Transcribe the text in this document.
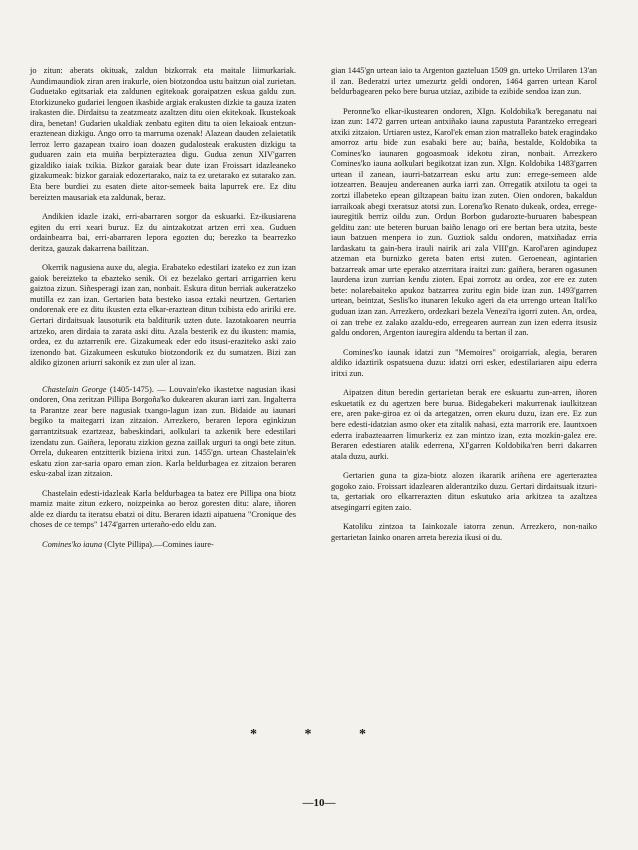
jo zitun: aberats okituak, zaldun bizkorrak eta maitale liimurkariak. Aundimaundiok ziran aren irakurle, oien biotzondoa ustu baitzun oial zurietan. Guduetako egitsariak eta zaldunen egitekoak goraipatzen eskua galdu zun. Etorkizuneko gudariei lengoen ikasbide argiak erakusten dizkie ta gauza izaten irakasten die. Dirdaitsu ta zeatzmeatz azaltzen ditu oien ekitekoak. Ikustekoak dira, benetan! Gudarien ukaldiak zenbatu egiten ditu ta oien lekaioak entzun-eraztenean dizkigu. Ango orro ta marruma ozenak! Alazean dauden zelaietatik lerroz lerro gazapean txairo ioan doazen gudalosteak erakusten dizkigu ta guduaren zain eta muiña berpizteraztea digu. Gudua zenun XIV'garren gizaldiko iaiak txikia. Bizkor garaiak bear dute izan Froissart idazleaneko gizakumeak: bizkor garaiak edozertarako, naiz ta ez uretarako ez sutarako zan. Eta bere burdiei zu esaten diete aitor-semeek baita lapurrek ere. Ez ditu bereizten mausariak eta zaldunak, beraz.

Andikien idazle izaki, erri-abarraren sorgor da eskuarki. Ez-ikusiarena egiten du erri xeari buruz. Ez du aintzakotzat artzen erri xea. Guduen ordainbearra bai, erri-abarraren lepora egozten du; berezko ta bearrezko deritza, gauzak dakarrena bailitzan.

Okerrik nagusiena auxe du, alegia. Erabateko edestilari izateko ez zun izan gaiok bereizteko ta ebazteko senik. Oi ez bezelako gertari arrigarrien keru gaiztoa zizun. Siñesperagi izan zan, nonbait. Eskura ditun berriak aukeratzeko mutilla ez zan izan. Gertarien bata besteko iasoa eztaki neurtzen. Gertarien ondorenak ere ez ditu ikusten ezta elkar-eraztean ditun txibista edo aririki ere. Gertari dirdaitsuak lausoturik eta balditurik uzten dute. Iazotakoaren neurria artzeko, aren dirdaia ta zarata aski ditu. Azala besterik ez du ikusten: mamia, ordea, ez du aztarrenik ere. Gizakumeak eder edo itsusi-eraziteko aski zaio izenondo bat. Gizakumeen eskutuko biotzondorik ez du sumatzen. Bizi zan aldiko gizonen ariurri sakonik ez zun uler al izan.

Chastelain George (1405-1475). — Louvain'eko ikastetxe nagusian ikasi ondoren, Ona zeritzan Pillipa Borgoña'ko dukearen akuran iarri zan. Ingalterra ta Parantze zear bere nagusiak txango-lagun izan zun. Bidaide au iaunari begiko ta maitegarri izan zitzaion. Arrezkero, beraren lepora eginkizun garrantzitsuak ezartzeaz, babeskindari, aolkulari ta azkenik bere edestilari izendatu zun. Gaiñera, leporatu zizkion gezna zaillak urguri ta ongi bete zitun. Orrela, dukearen entzitterik biziena iritxi zun. 1455'gn. urtean Chastelain'ek eskatu zion zar-saria oparo eman zion. Karla beldurbagea ez zitzaion beraren esku-zabal izan zitzaion.

Chastelain edesti-idazleak Karla beldurbagea ta batez ere Pillipa ona biotz mamiz maite zitun ezkero, noizpeinka ao beroz goresten ditu: alare, iñoren alde ez diardu ta iteratsu ebatzi oi ditu. Beraren idazti aipatuena "Cronique des choses de ce temps" 1474'garren urteraño-edo eldu zan.

Comines'ko iauna (Clyte Pillipa).—Comines iaure-

gian 1445'gn urtean iaio ta Argenton gazteluan 1509 gn. urteko Urrilaren 13'an il zan. Bederatzi urtez umezurtz geldi ondoren, 1464 garren urtean Karol beldurbagearen peko bere burua utziaz, azibide ta ezibide sendoa izan zun.

Peronne'ko elkar-ikustearen ondoren, XIgn. Koldobika'k bereganatu nai izan zun: 1472 garren urtean antxiñako iauna zapustuta Parantzeko erregeari atxiki zitzaion. Urtiaren ustez, Karol'ek eman zion matralleko batek eragindako amorroz artu bide zun esabaki bere au; baiña, bestalde, Koldobika ta Comines'ko iaunaren gogoasmoak idekotu ziran, nonbait. Arrezkero Comines'ko iauna aolkulari begikotzat izan zun. XIgn. Koldobika 1483'garren urtean il zanean, iaurri-batzarrean esku artu zun: errege-semeen alde iotzearren. Beaujeu andereanen aurka iarri zan. Orregatik atxilotu ta ogei ta zortzi illabeteko epean giltzapean baitu izan zuten. Oien ondoren, bakaldun iarraikoak abegi txeratsuz atotsi zun. Lorena'ko Renato dukeak, ordea, errege-iauregitik berriz oildu zun. Ordun Borbon gudarozte-buruaren babespean gelditu zan: ute beteren buruan baiño lenago ori ere bertan bera utzita, beste iaun batzuen menpera io zun. Guztiok saldu ondoren, matxiñadaz erria lardaskatu ta gain-bera irauli nairik ari zala VIII'gn. Karol'aren agindupez atzeman eta burnizko gereta baten ertsi zuten. Geroenean, agintarien batzarreak amar urte eperako atzerritara iraitzi zun: gaiñera, beraren ogasunen laurdena izun zurrian kendu zioten. Epai zorrotz au ordea, zor ere ez zuten bete: nolarebaiteko apukoz batzarrea zuritu egin bide izan zun. 1493'garren urtean, beintzat, Seslis'ko itunaren lekuko ageri da eta urrengo urtean Itali'ko guduan izan zan. Arrezkero, ordezkari bezela Venezi'ra igorri zuten. An, ordea, oi zan trebe ez zalako azaldu-edo, erregearen aurrean zun izen ederra itsusiz galdu ondoren, Argenton iauregira aldendu ta bertan il zan.

Comines'ko iaunak idatzi zun "Memoires" oroigarriak, alegia, beraren aldiko idaztirik ospatsuena duzu: idatzi orri esker, edestilariaren aipu ederra iritxi zun.

Aipatzen ditun beredin gertarietan berak ere eskuartu zun-arren, iñoren eskuetatik ez du agertzen bere burua. Bidegabekeri makurrenak iaulkitzean ere, aren pake-giroa ez oi da artegatzen, orren ekuru duzu, izan ere. Ez zun bere edesti-idatzian asmo oker eta zitalik nahasi, ezta marrorik ere. Iauntxoen ederra irabazteaarren limurkeriz ez zan mintzo izan, ezta mozkin-galez ere. Beraren edestiaren atalik ederrena, XI'garren Koldobika'ren berri dakarren atala duzu, aurki.

Gertarien guna ta giza-biotz alozen ikararik ariñena ere agerteraztea gogoko zaio. Froissart idazlearen alderantziko duzu. Gertari dirdaitsuak itzuri-ta, gertariak oro elkarrerazten ditun eskutuko aria arkitzea ta azaltzea atsegingarri egiten zaio.

Katoliku zintzoa ta Iainkozale iatorra zenun. Arrezkero, non-naiko gertarietan Iainko onaren arreta berezia ikusi oi du.

* * *
—10—
